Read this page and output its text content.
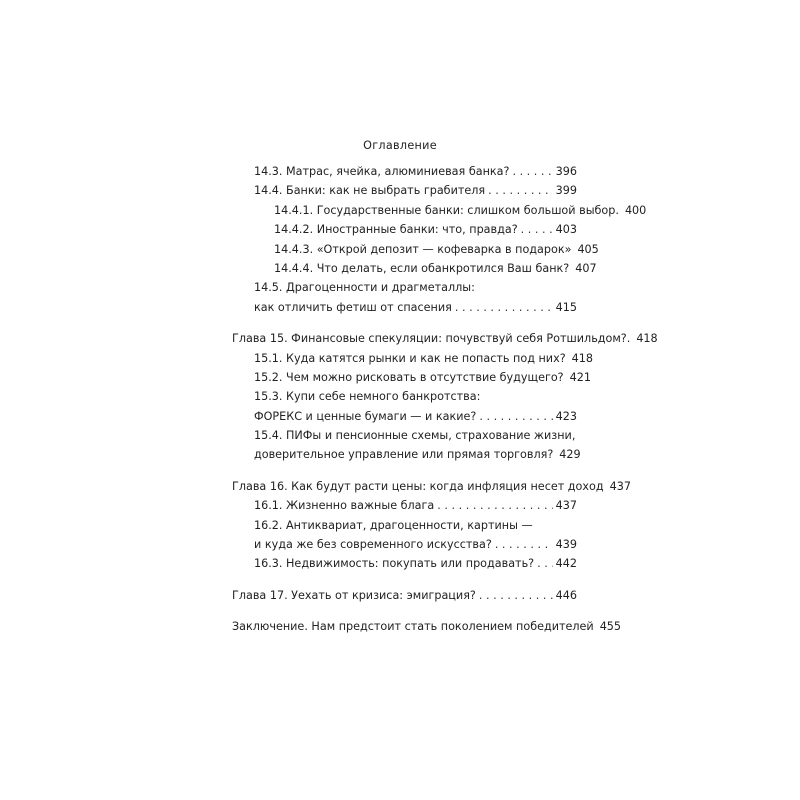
Оглавление
14.3. Матрас, ячейка, алюминиевая банка? . . .	396
14.4. Банки: как не выбрать грабителя . . .	399
14.4.1. Государственные банки: слишком большой выбор. 400
14.4.2. Иностранные банки: что, правда? . . .	403
14.4.3. «Открой депозит — кофеварка в подарок» 405
14.4.4. Что делать, если обанкротился Ваш банк? 407
14.5. Драгоценности и драгметаллы:
как отличить фетиш от спасения . . .	415
Глава 15. Финансовые спекуляции: почувствуй себя Ротшильдом?. 418
15.1. Куда катятся рынки и как не попасть под них? 418
15.2. Чем можно рисковать в отсутствие будущего? 421
15.3. Купи себе немного банкротства:
ФОРЕКС и ценные бумаги — и какие? . . .	423
15.4. ПИФы и пенсионные схемы, страхование жизни,
доверительное управление или прямая торговля? 429
Глава 16. Как будут расти цены: когда инфляция несет доход 437
16.1. Жизненно важные блага . . .	437
16.2. Антиквариат, драгоценности, картины —
и куда же без современного искусства? . . .	439
16.3. Недвижимость: покупать или продавать? . . . 442
Глава 17. Уехать от кризиса: эмиграция? . . .	446
Заключение. Нам предстоит стать поколением победителей 455
